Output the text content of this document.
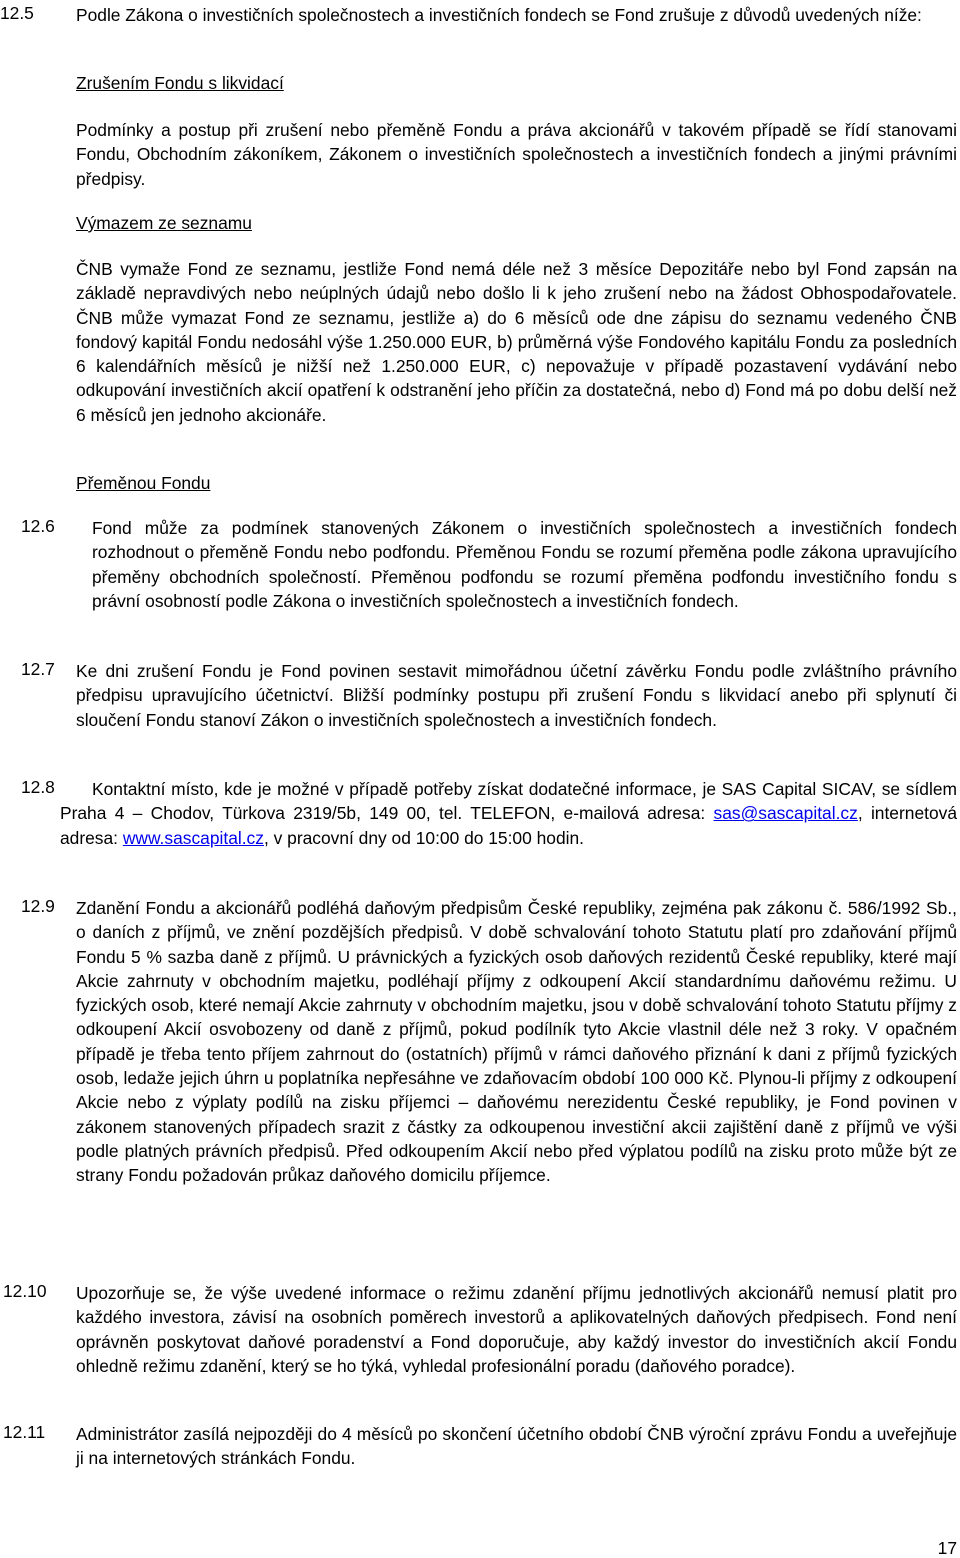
12.5 Podle Zákona o investičních společnostech a investičních fondech se Fond zrušuje z důvodů uvedených níže:
Zrušením Fondu s likvidací
Podmínky a postup při zrušení nebo přeměně Fondu a práva akcionářů v takovém případě se řídí stanovami Fondu, Obchodním zákoníkem, Zákonem o investičních společnostech a investičních fondech a jinými právními předpisy.
Výmazem ze seznamu
ČNB vymaže Fond ze seznamu, jestliže Fond nemá déle než 3 měsíce Depozitáře nebo byl Fond zapsán na základě nepravdivých nebo neúplných údajů nebo došlo li k jeho zrušení nebo na žádost Obhospodařovatele. ČNB může vymazat Fond ze seznamu, jestliže a) do 6 měsíců ode dne zápisu do seznamu vedeného ČNB fondový kapitál Fondu nedosáhl výše 1.250.000 EUR, b) průměrná výše Fondového kapitálu Fondu za posledních 6 kalendářních měsíců je nižší než 1.250.000 EUR, c) nepovažuje v případě pozastavení vydávání nebo odkupování investičních akcií opatření k odstranění jeho příčin za dostatečná, nebo d) Fond má po dobu delší než 6 měsíců jen jednoho akcionáře.
Přeměnou Fondu
12.6 Fond může za podmínek stanovených Zákonem o investičních společnostech a investičních fondech rozhodnout o přeměně Fondu nebo podfondu. Přeměnou Fondu se rozumí přeměna podle zákona upravujícího přeměny obchodních společností. Přeměnou podfondu se rozumí přeměna podfondu investičního fondu s právní osobností podle Zákona o investičních společnostech a investičních fondech.
12.7 Ke dni zrušení Fondu je Fond povinen sestavit mimořádnou účetní závěrku Fondu podle zvláštního právního předpisu upravujícího účetnictví. Bližší podmínky postupu při zrušení Fondu s likvidací anebo při splynutí či sloučení Fondu stanoví Zákon o investičních společnostech a investičních fondech.
12.8	Kontaktní místo, kde je možné v případě potřeby získat dodatečné informace, je SAS Capital SICAV, se sídlem Praha 4 – Chodov, Türkova 2319/5b, 149 00, tel. TELEFON, e-mailová adresa: sas@sascapital.cz, internetová adresa: www.sascapital.cz, v pracovní dny od 10:00 do 15:00 hodin.
12.9 Zdanění Fondu a akcionářů podléhá daňovým předpisům České republiky, zejména pak zákonu č. 586/1992 Sb., o daních z příjmů, ve znění pozdějších předpisů. V době schvalování tohoto Statutu platí pro zdaňování příjmů Fondu 5 % sazba daně z příjmů. U právnických a fyzických osob daňových rezidentů České republiky, které mají Akcie zahrnuty v obchodním majetku, podléhají příjmy z odkoupení Akcií standardnímu daňovému režimu. U fyzických osob, které nemají Akcie zahrnuty v obchodním majetku, jsou v době schvalování tohoto Statutu příjmy z odkoupení Akcií osvobozeny od daně z příjmů, pokud podílník tyto Akcie vlastnil déle než 3 roky. V opačném případě je třeba tento příjem zahrnout do (ostatních) příjmů v rámci daňového přiznání k dani z příjmů fyzických osob, ledaže jejich úhrn u poplatníka nepřesáhne ve zdaňovacím období 100 000 Kč. Plynou-li příjmy z odkoupení Akcie nebo z výplaty podílů na zisku příjemci – daňovému nerezidentu České republiky, je Fond povinen v zákonem stanovených případech srazit z částky za odkoupenou investiční akcii zajištění daně z příjmů ve výši podle platných právních předpisů. Před odkoupením Akcií nebo před výplatou podílů na zisku proto může být ze strany Fondu požadován průkaz daňového domicilu příjemce.
12.10 Upozorňuje se, že výše uvedené informace o režimu zdanění příjmu jednotlivých akcionářů nemusí platit pro každého investora, závisí na osobních poměrech investorů a aplikovatelných daňových předpisech. Fond není oprávněn poskytovat daňové poradenství a Fond doporučuje, aby každý investor do investičních akcií Fondu ohledně režimu zdanění, který se ho týká, vyhledal profesionální poradu (daňového poradce).
12.11 Administrátor zasílá nejpozději do 4 měsíců po skončení účetního období ČNB výroční zprávu Fondu a uveřejňuje ji na internetových stránkách Fondu.
17
